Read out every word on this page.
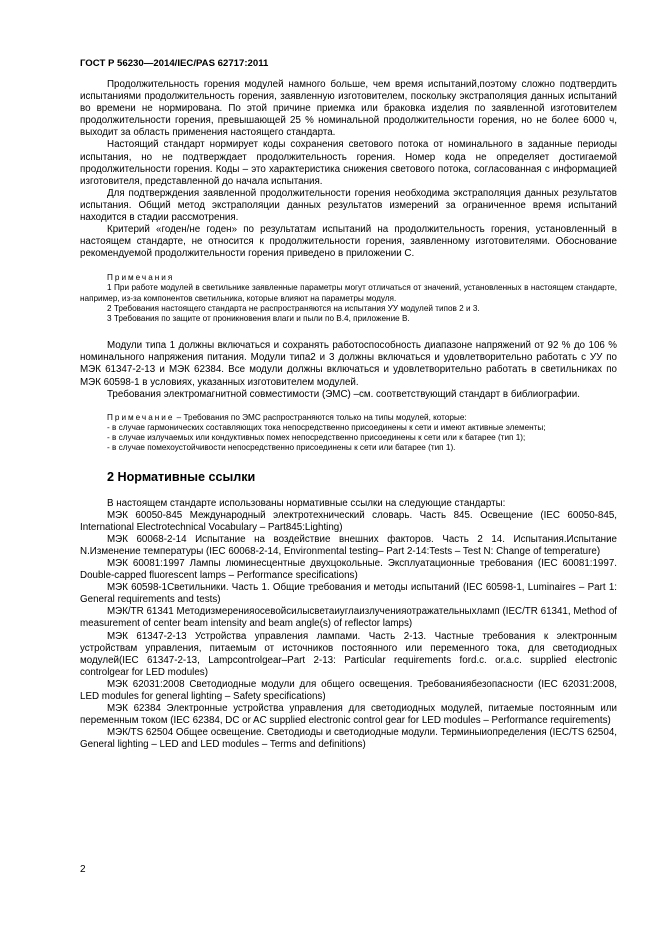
ГОСТ Р 56230—2014/IEC/PAS 62717:2011

Продолжительность горения модулей намного больше, чем время испытаний,поэтому сложно подтвердить испытаниями продолжительность горения, заявленную изготовителем, поскольку экстраполяция данных испытаний во времени не нормирована. По этой причине приемка или браковка изделия по заявленной изготовителем продолжительности горения, превышающей 25 % номинальной продолжительности горения, но не более 6000 ч, выходит за область применения настоящего стандарта.

Настоящий стандарт нормирует коды сохранения светового потока от номинального в заданные периоды испытания, но не подтверждает продолжительность горения. Номер кода не определяет достигаемой продолжительности горения. Коды – это характеристика снижения светового потока, согласованная с информацией изготовителя, представленной до начала испытания.

Для подтверждения заявленной продолжительности горения необходима экстраполяция данных результатов испытания. Общий метод экстраполяции данных результатов измерений за ограниченное время испытаний находится в стадии рассмотрения.

Критерий «годен/не годен» по результатам испытаний на продолжительность горения, установленный в настоящем стандарте, не относится к продолжительности горения, заявленному изготовителями. Обоснование рекомендуемой продолжительности горения приведено в приложении С.

Примечания

1 При работе модулей в светильнике заявленные параметры могут отличаться от значений, установленных в настоящем стандарте, например, из-за компонентов светильника, которые влияют на параметры модуля.

2 Требования настоящего стандарта не распространяются на испытания УУ модулей типов 2 и 3.

3 Требования по защите от проникновения влаги и пыли по В.4, приложение В.

Модули типа 1 должны включаться и сохранять работоспособность диапазоне напряжений от 92 % до 106 % номинального напряжения питания. Модули типа2 и 3 должны включаться и удовлетворительно работать с УУ по МЭК 61347-2-13 и МЭК 62384. Все модули должны включаться и удовлетворительно работать в светильниках по МЭК 60598-1 в условиях, указанных изготовителем модулей.

Требования электромагнитной совместимости (ЭМС) –см. соответствующий стандарт в библиографии.

Примечание – Требования по ЭМС распространяются только на типы модулей, которые:

- в случае гармонических составляющих тока непосредственно присоединены к сети и имеют активные элементы;

- в случае излучаемых или кондуктивных помех непосредственно присоединены к сети или к батарее (тип 1);

- в случае помехоустойчивости непосредственно присоединены к сети или батарее (тип 1).

2 Нормативные ссылки

В настоящем стандарте использованы нормативные ссылки на следующие стандарты:

МЭК 60050-845 Международный электротехнический словарь. Часть 845. Освещение (IEC 60050-845, International Electrotechnical Vocabulary – Part845:Lighting)

МЭК 60068-2-14 Испытание на воздействие внешних факторов. Часть 2 14. Испытания.Испытание N.Изменение температуры (IEC 60068-2-14, Environmental testing– Part 2-14:Tests – Test N: Change of temperature)

МЭК 60081:1997 Лампы люминесцентные двухцокольные. Эксплуатационные требования (IEC 60081:1997. Double-capped fluorescent lamps – Performance specifications)

МЭК 60598-1Светильники. Часть 1. Общие требования и методы испытаний (IEC 60598-1, Luminaires – Part 1: General requirements and tests)

МЭК/TR 61341 Методизмеренияосевойсилысветаиуглаизлученияотражательныхламп (IEC/TR 61341, Method of measurement of center beam intensity and beam angle(s) of reflector lamps)

МЭК 61347-2-13 Устройства управления лампами. Часть 2-13. Частные требования к электронным устройствам управления, питаемым от источников постоянного или переменного тока, для светодиодных модулей(IEC 61347-2-13, Lampcontrolgear–Part 2-13: Particular requirements ford.c. or.a.c. supplied electronic controlgear for LED modules)

МЭК 62031:2008 Светодиодные модули для общего освещения. Требованиябезопасности (IEC 62031:2008, LED modules for general lighting – Safety specifications)

МЭК 62384 Электронные устройства управления для светодиодных модулей, питаемые постоянным или переменным током (IEC 62384, DC or AC supplied electronic control gear for LED modules – Performance requirements)

МЭК/TS 62504 Общее освещение. Светодиоды и светодиодные модули. Терминыиопределения (IEC/TS 62504, General lighting – LED and LED modules – Terms and definitions)

2
